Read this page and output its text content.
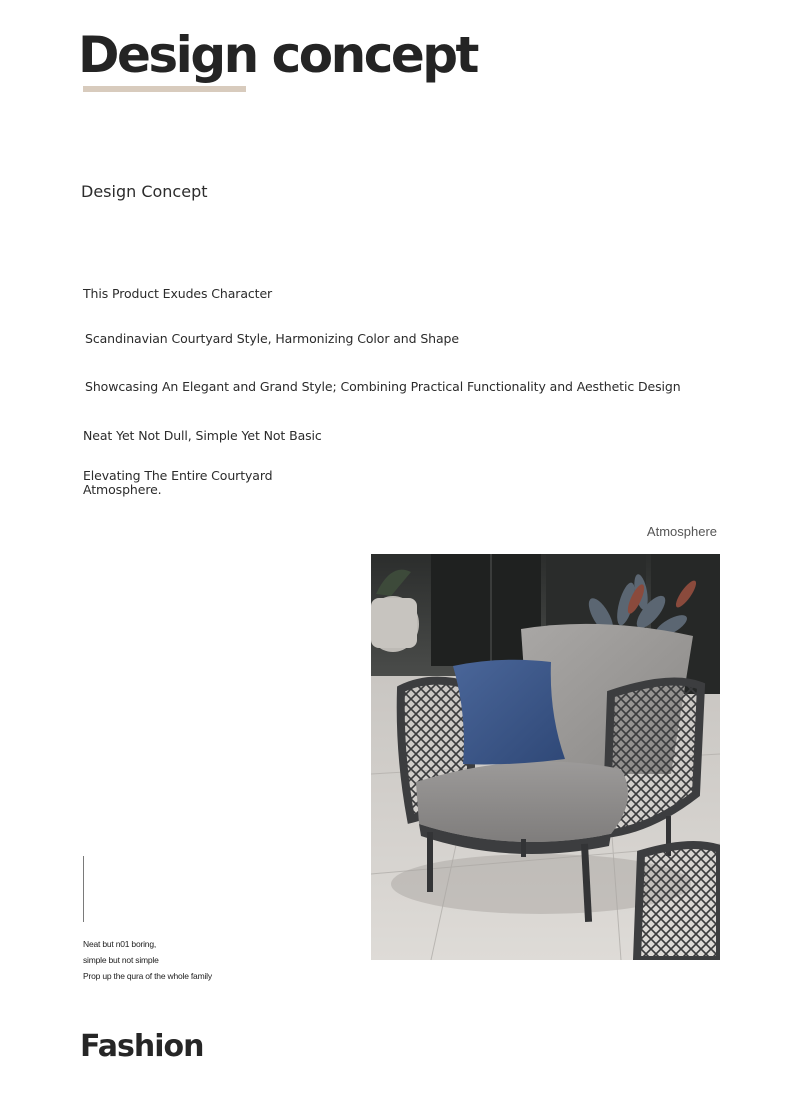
Design concept
Design Concept
This Product Exudes Character
Scandinavian Courtyard Style, Harmonizing Color and Shape
Showcasing An Elegant and Grand Style; Combining Practical Functionality and Aesthetic Design
Neat Yet Not Dull, Simple Yet Not Basic
Elevating The Entire Courtyard Atmosphere.
Atmosphere
Neat but n01 boring,
simple but not simple
Prop up the qura of the whole family
Fashion
